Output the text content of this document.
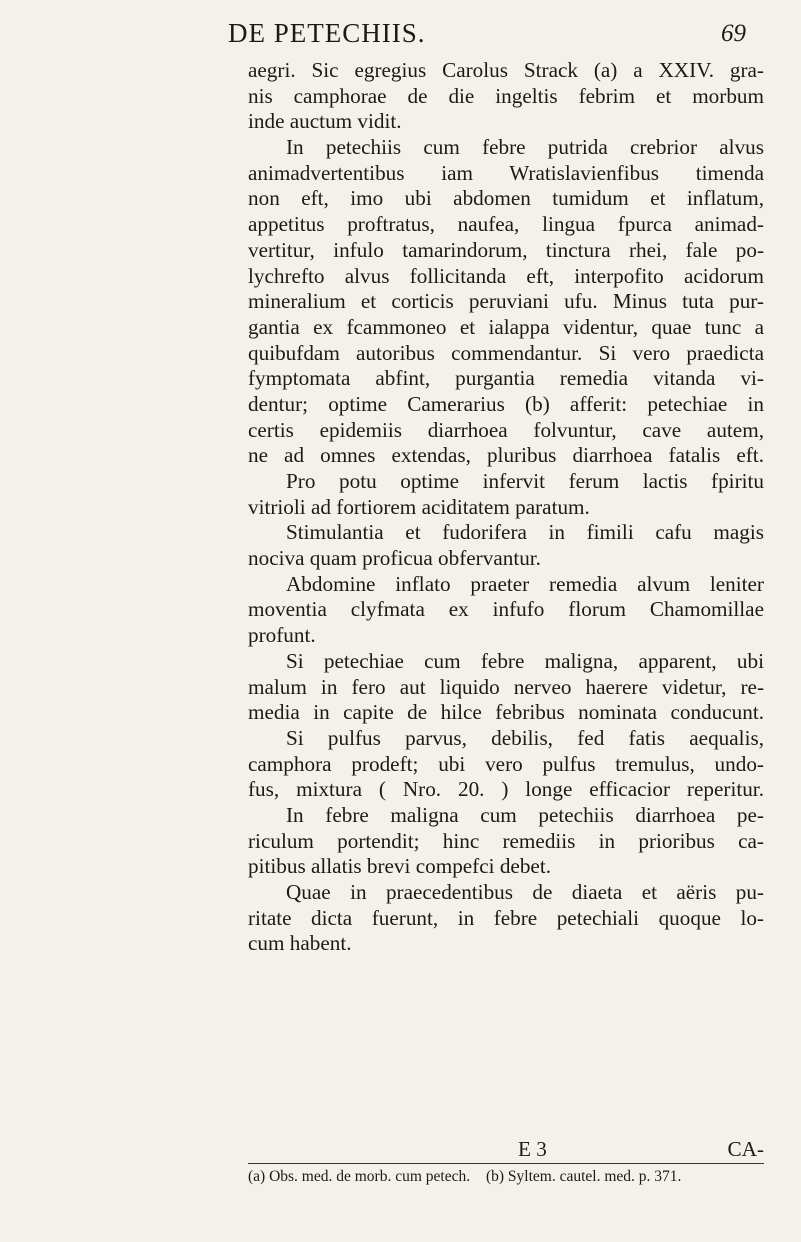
DE PETECHIIS.	69
aegri. Sic egregius Carolus Strack (a) a XXIV. gra-
nis camphorae de die ingeltis febrim et morbum
inde auctum vidit.
In petechiis cum febre putrida crebrior alvus
animadvertentibus iam Wratislavienfibus timenda
non eft, imo ubi abdomen tumidum et inflatum,
appetitus proftratus, naufea, lingua fpurca animad-
vertitur, infulo tamarindorum, tinctura rhei, fale po-
lychrefto alvus follicitanda eft, interpofito acidorum
mineralium et corticis peruviani ufu. Minus tuta pur-
gantia ex fcammoneo et ialappa videntur, quae tunc a
quibufdam autoribus commendantur. Si vero praedicta
fymptomata abfint, purgantia remedia vitanda vi-
dentur; optime Camerarius (b) afferit: petechiae in
certis epidemiis diarrhoea folvuntur, cave autem,
ne ad omnes extendas, pluribus diarrhoea fatalis eft.
Pro potu optime infervit ferum lactis fpiritu
vitrioli ad fortiorem aciditatem paratum.
Stimulantia et fudorifera in fimili cafu magis
nociva quam proficua obfervantur.
Abdomine inflato praeter remedia alvum leniter
moventia clyfmata ex infufo florum Chamomillae
profunt.
Si petechiae cum febre maligna, apparent, ubi
malum in fero aut liquido nerveo haerere videtur, re-
media in capite de hilce febribus nominata conducunt.
Si pulfus parvus, debilis, fed fatis aequalis,
camphora prodeft; ubi vero pulfus tremulus, undo-
fus, mixtura ( Nro. 20. ) longe efficacior reperitur.
In febre maligna cum petechiis diarrhoea pe-
riculum portendit; hinc remediis in prioribus ca-
pitibus allatis brevi compefci debet.
Quae in praecedentibus de diaeta et aëris pu-
ritate dicta fuerunt, in febre petechiali quoque lo-
cum habent.
E 3	CA-
(a) Obs. med. de morb. cum petech. (b) Syltem. cautel. med. p. 371.
